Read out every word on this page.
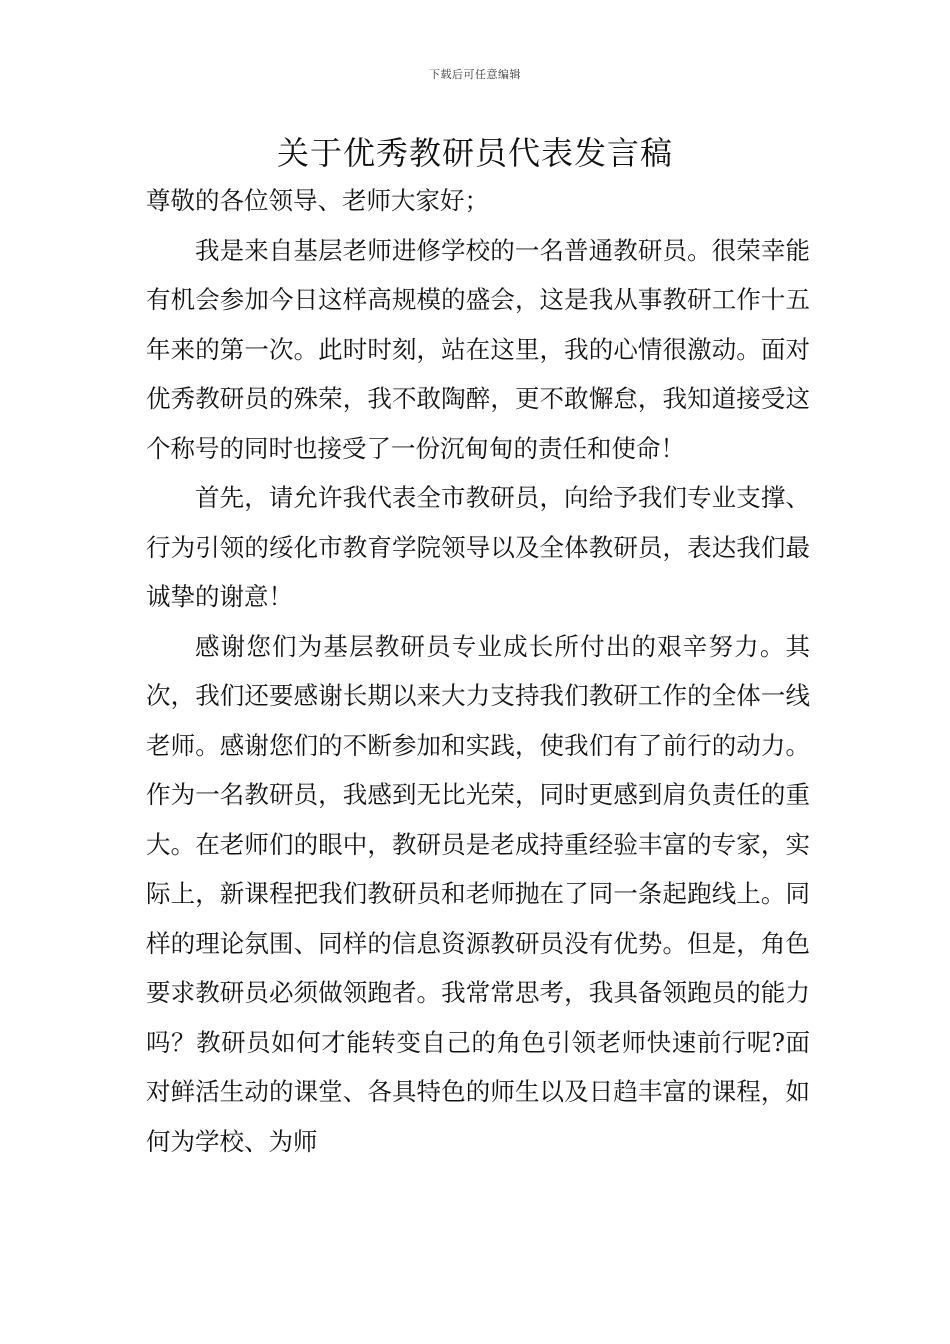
下载后可任意编辑
关于优秀教研员代表发言稿

尊敬的各位领导、老师大家好；

我是来自基层老师进修学校的一名普通教研员。很荣幸能有机会参加今日这样高规模的盛会，这是我从事教研工作十五年来的第一次。此时时刻，站在这里，我的心情很激动。面对优秀教研员的殊荣，我不敢陶醉，更不敢懈怠，我知道接受这个称号的同时也接受了一份沉甸甸的责任和使命！

首先，请允许我代表全市教研员，向给予我们专业支撑、行为引领的绥化市教育学院领导以及全体教研员，表达我们最诚挚的谢意！

感谢您们为基层教研员专业成长所付出的艰辛努力。其次，我们还要感谢长期以来大力支持我们教研工作的全体一线老师。感谢您们的不断参加和实践，使我们有了前行的动力。作为一名教研员，我感到无比光荣，同时更感到肩负责任的重大。在老师们的眼中，教研员是老成持重经验丰富的专家，实际上，新课程把我们教研员和老师抛在了同一条起跑线上。同样的理论氛围、同样的信息资源教研员没有优势。但是，角色要求教研员必须做领跑者。我常常思考，我具备领跑员的能力吗？教研员如何才能转变自己的角色引领老师快速前行呢?面对鲜活生动的课堂、各具特色的师生以及日趋丰富的课程，如何为学校、为师
